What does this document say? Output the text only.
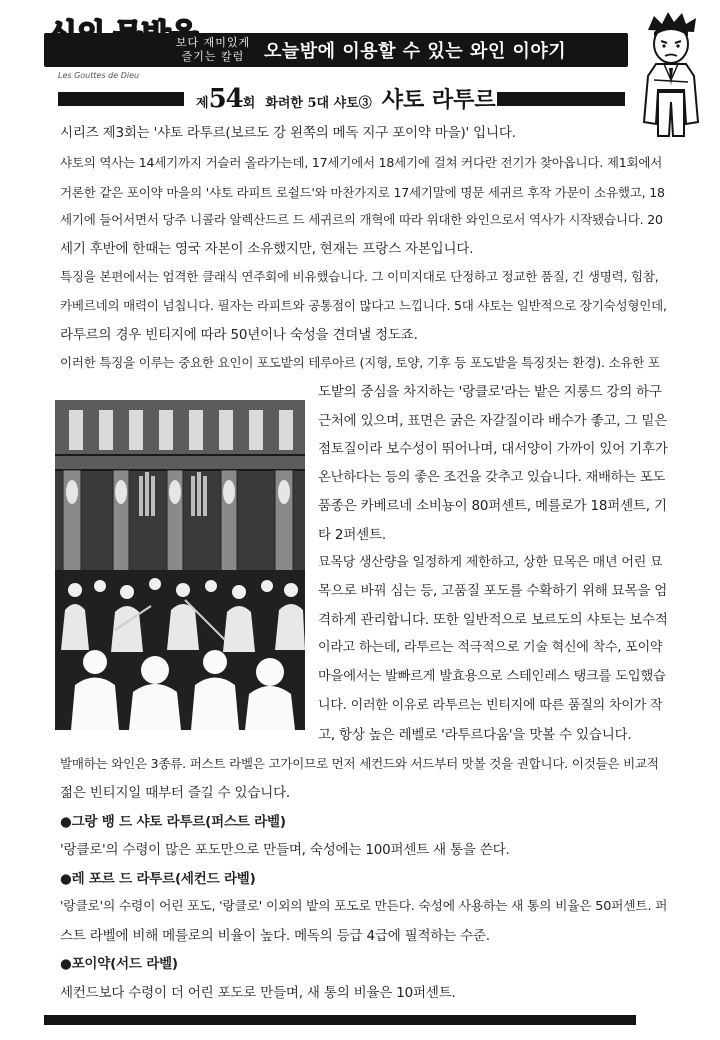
신의 물방울
Les Gouttes de Dieu
보다 재미있게
즐기는 칼럼	오늘밤에 이용할 수 있는 와인 이야기
제54회 화려한 5대 샤토③ 샤토 라투르
시리즈 제3회는 '샤토 라투르(보르도 강 왼쪽의 메독 지구 포이약 마을)' 입니다.
샤토의 역사는 14세기까지 거슬러 올라가는데, 17세기에서 18세기에 걸쳐 커다란 전기가 찾아옵니다. 제1회에서
거론한 같은 포이약 마을의 '샤토 라피트 로쉴드'와 마찬가지로 17세기말에 명문 세귀르 후작 가문이 소유했고, 18
세기에 들어서면서 당주 니콜라 알렉산드르 드 세귀르의 개혁에 따라 위대한 와인으로서 역사가 시작됐습니다. 20
세기 후반에 한때는 영국 자본이 소유했지만, 현재는 프랑스 자본입니다.
특징을 본편에서는 엄격한 클래식 연주회에 비유했습니다. 그 이미지대로 단정하고 정교한 품질, 긴 생명력, 힘참,
카베르네의 매력이 넘칩니다. 필자는 라피트와 공통점이 많다고 느낍니다. 5대 샤토는 일반적으로 장기숙성형인데,
라투르의 경우 빈티지에 따라 50년이나 숙성을 견뎌낼 정도죠.
이러한 특징을 이루는 중요한 요인이 포도밭의 테루아르 (지형, 토양, 기후 등 포도밭을 특징짓는 환경). 소유한 포
도밭의 중심을 차지하는 '랑클로'라는 밭은 지롱드 강의 하구
근처에 있으며, 표면은 굵은 자갈질이라 배수가 좋고, 그 밑은
점토질이라 보수성이 뛰어나며, 대서양이 가까이 있어 기후가
온난하다는 등의 좋은 조건을 갖추고 있습니다. 재배하는 포도
품종은 카베르네 소비뇽이 80퍼센트, 메를로가 18퍼센트, 기
타 2퍼센트.
묘목당 생산량을 일정하게 제한하고, 상한 묘목은 매년 어린 묘
목으로 바꿔 심는 등, 고품질 포도를 수확하기 위해 묘목을 엄
격하게 관리합니다. 또한 일반적으로 보르도의 샤토는 보수적
이라고 하는데, 라투르는 적극적으로 기술 혁신에 착수, 포이약
마을에서는 발빠르게 발효용으로 스테인레스 탱크를 도입했습
니다. 이러한 이유로 라투르는 빈티지에 따른 품질의 차이가 작
고, 항상 높은 레벨로 '라투르다움'을 맛볼 수 있습니다.
발매하는 와인은 3종류. 퍼스트 라벨은 고가이므로 먼저 세컨드와 서드부터 맛볼 것을 권합니다. 이것들은 비교적
젊은 빈티지일 때부터 즐길 수 있습니다.
●그랑 뱅 드 샤토 라투르(퍼스트 라벨)
'랑클로'의 수령이 많은 포도만으로 만들며, 숙성에는 100퍼센트 새 통을 쓴다.
●레 포르 드 라투르(세컨드 라벨)
'랑클로'의 수령이 어린 포도, '랑클로' 이외의 밭의 포도로 만든다. 숙성에 사용하는 새 통의 비율은 50퍼센트. 퍼
스트 라벨에 비해 메를로의 비율이 높다. 메독의 등급 4급에 필적하는 수준.
●포이약(서드 라벨)
세컨드보다 수령이 더 어린 포도로 만들며, 새 통의 비율은 10퍼센트.
